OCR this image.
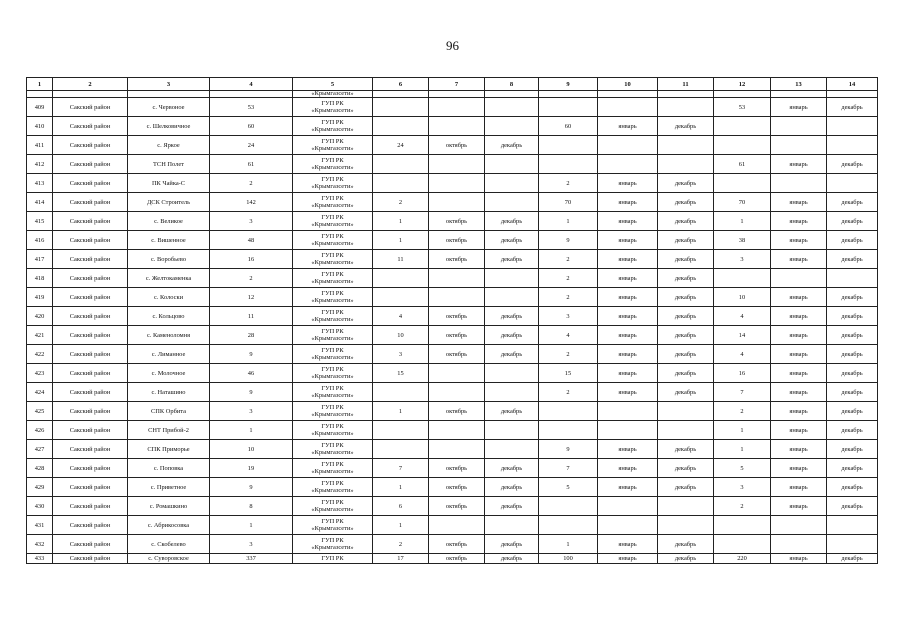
96
1	2	3	4	5	6	7	8	9	10	11	12	13	14
				«Крымгазсети»									
409	Сакский район	с. Червоное	53	ГУП РК
«Крымгазсети»							53	январь	декабрь
410	Сакский район	с. Шелковичное	60	ГУП РК
«Крымгазсети»				60	январь	декабрь			
411	Сакский район	с. Яркое	24	ГУП РК
«Крымгазсети»	24	октябрь	декабрь						
412	Сакский район	ТСН Полет	61	ГУП РК
«Крымгазсети»							61	январь	декабрь
413	Сакский район	ПК Чайка-С	2	ГУП РК
«Крымгазсети»				2	январь	декабрь			
414	Сакский район	ДСК Строитель	142	ГУП РК
«Крымгазсети»	2			70	январь	декабрь	70	январь	декабрь
415	Сакский район	с. Великое	3	ГУП РК
«Крымгазсети»	1	октябрь	декабрь	1	январь	декабрь	1	январь	декабрь
416	Сакский район	с. Вишенное	48	ГУП РК
«Крымгазсети»	1	октябрь	декабрь	9	январь	декабрь	38	январь	декабрь
417	Сакский район	с. Воробьево	16	ГУП РК
«Крымгазсети»	11	октябрь	декабрь	2	январь	декабрь	3	январь	декабрь
418	Сакский район	с. Желтокаменка	2	ГУП РК
«Крымгазсети»				2	январь	декабрь			
419	Сакский район	с. Колоски	12	ГУП РК
«Крымгазсети»				2	январь	декабрь	10	январь	декабрь
420	Сакский район	с. Кольцово	11	ГУП РК
«Крымгазсети»	4	октябрь	декабрь	3	январь	декабрь	4	январь	декабрь
421	Сакский район	с. Каменоломня	28	ГУП РК
«Крымгазсети»	10	октябрь	декабрь	4	январь	декабрь	14	январь	декабрь
422	Сакский район	с. Лиманное	9	ГУП РК
«Крымгазсети»	3	октябрь	декабрь	2	январь	декабрь	4	январь	декабрь
423	Сакский район	с. Молочное	46	ГУП РК
«Крымгазсети»	15			15	январь	декабрь	16	январь	декабрь
424	Сакский район	с. Наташино	9	ГУП РК
«Крымгазсети»				2	январь	декабрь	7	январь	декабрь
425	Сакский район	СПК Орбита	3	ГУП РК
«Крымгазсети»	1	октябрь	декабрь				2	январь	декабрь
426	Сакский район	СНТ Прибой-2	1	ГУП РК
«Крымгазсети»							1	январь	декабрь
427	Сакский район	СПК Приморье	10	ГУП РК
«Крымгазсети»				9	январь	декабрь	1	январь	декабрь
428	Сакский район	с. Поповка	19	ГУП РК
«Крымгазсети»	7	октябрь	декабрь	7	январь	декабрь	5	январь	декабрь
429	Сакский район	с. Приветное	9	ГУП РК
«Крымгазсети»	1	октябрь	декабрь	5	январь	декабрь	3	январь	декабрь
430	Сакский район	с. Ромашкино	8	ГУП РК
«Крымгазсети»	6	октябрь	декабрь				2	январь	декабрь
431	Сакский район	с. Абрикосовка	1	ГУП РК
«Крымгазсети»	1								
432	Сакский район	с. Скобелево	3	ГУП РК
«Крымгазсети»	2	октябрь	декабрь	1	январь	декабрь			
433	Сакский район	с. Суворовское	337	ГУП РК	17	октябрь	декабрь	100	январь	декабрь	220	январь	декабрь
